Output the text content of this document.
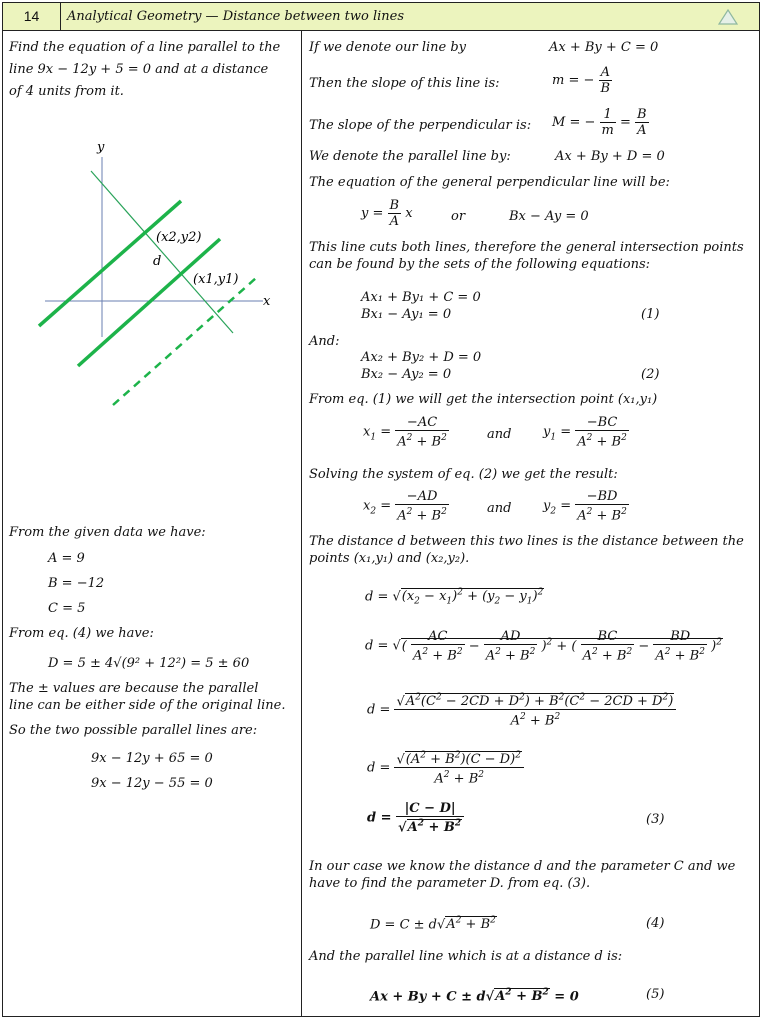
14	Analytical Geometry — Distance between two lines
Find the equation of a line parallel to the
line 9x − 12y + 5 = 0 and at a distance
of 4 units from it.
y
x
d
(x2,y2)
(x1,y1)
From the given data we have:
A = 9
B = −12
C = 5
From eq. (4) we have:
D = 5 ± 4√(9² + 12²) = 5 ± 60
The ± values are because the parallel
line can be either side of the original line.
So the two possible parallel lines are:
9x − 12y + 65 = 0
9x − 12y − 55 = 0
If we denote our line by	Ax + By + C = 0
Then the slope of this line is:	m = − $\frac{A}{B}$
The slope of the perpendicular is: M = − $\frac{1}{m} = \frac{B}{A}$
We denote the parallel line by:	Ax + By + D = 0
The equation of the general perpendicular line will be:
$y = \frac{B}{A}$ x	or	Bx − Ay = 0
This line cuts both lines, therefore the general intersection points
can be found by the sets of the following equations:
Ax₁ + By₁ + C = 0
Bx₁ − Ay₁ = 0	(1)
And:
Ax₂ + By₂ + D = 0
Bx₂ − Ay₂ = 0	(2)
From eq. (1) we will get the intersection point (x₁,y₁)
$x_1 = \frac{-AC}{A^2 + B^2}$	and $y_1 = \frac{-BC}{A^2 + B^2}$
Solving the system of eq. (2) we get the result:
$x_2 = \frac{-AD}{A^2 + B^2}$	and $y_2 = \frac{-BD}{A^2 + B^2}$
The distance d between this two lines is the distance between the
points (x₁,y₁) and (x₂,y₂).
$d = √(x_2 - x_1)^2 + (y_2 - y_1)^2$
d = √( $\frac{AC}{A^2 + B^2} - \frac{AD}{A^2 + B^2} )^2$ + ( $\frac{BC}{A^2 + B^2} - \frac{BD}{A^2 + B^2} )^2$
$d = \frac{√A^2(C^2 - 2CD + D^2) + B^2(C^2 - 2CD + D^2)}{A^2 + B^2}$
$d = \frac{√(A^2 + B^2)(C - D)^2}{A^2 + B^2}$
$d = \frac{|C - D|}{√A^2 + B^2}$	(3)
In our case we know the distance d and the parameter C and we
have to find the parameter D. from eq. (3).
$D = C \pm d√A^2 + B^2$	(4)
And the parallel line which is at a distance d is:
$Ax + By + C \pm d√A^2 + B^2 = 0$	(5)
